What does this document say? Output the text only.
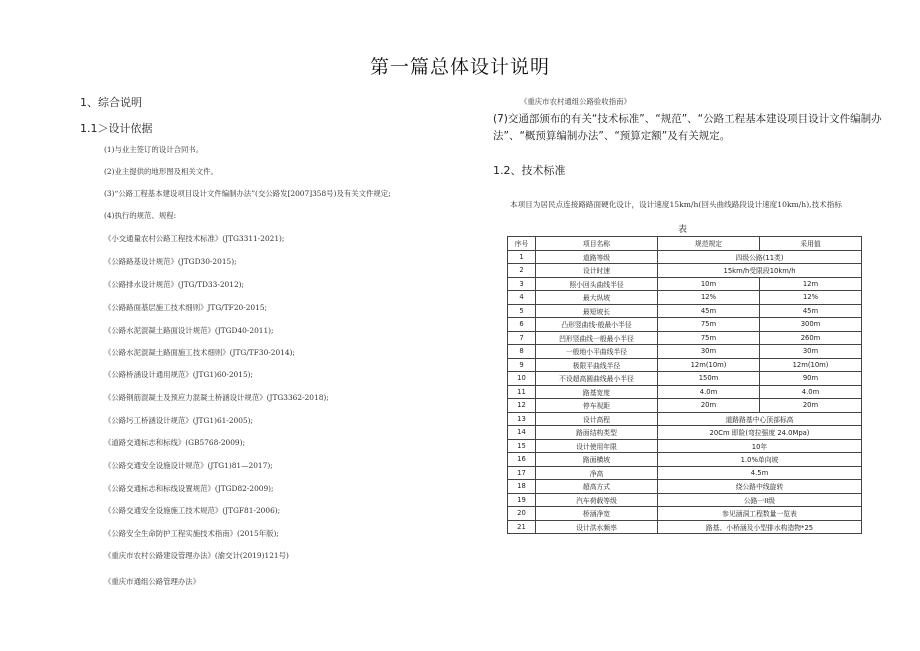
第一篇总体设计说明
1、综合说明
1.1＞设计依据
(1)与业主签订的设计合同书。
(2)业主提供的地形图及相关文件。
(3)“公路工程基本建设项目设计文件编制办法”(交公路发[2007]358号)及有关文件规定;
(4)执行的规范、规程:
《小交通量农村公路工程技术标准》(JTG3311-2021);
《公路路基设计规范》(JTGD30-2015);
《公路排水设计规范》(JTG/TD33-2012);
《公路路面基层施工技术细则》JTG/TF20-2015;
《公路水泥混凝土路面设计规范》(JTGD40-2011);
《公路水泥混凝土路面施工技术细则》(JTG/TF30-2014);
《公路桥涵设计通用规范》(JTG1)60-2015);
《公路钢筋混凝土及预应力混凝土桥涵设计规范》(JTG3362-2018);
《公路圬工桥涵设计规范》(JTG1)61-2005);
《道路交通标志和标线》(GB5768-2009);
《公路交通安全设施设计规范》(JTG1)81—2017);
《公路交通标志和标线设置规范》(JTGD82-2009);
《公路交通安全设施施工技术规范》(JTGF81-2006);
《公路安全生命防护工程实施技术指南》(2015年版);
《重庆市农村公路建设管理办法》(渝交计(2019)121号)
《重庆市通组公路管理办法》
《重庆市农村通组公路验收指南》
(7)交通部颁布的有关“技术标准”、“规范”、“公路工程基本建设项目设计文件编制办法”、“概预算编制办法”、“预算定额”及有关规定。
1.2、技术标准
本项目为居民点连接路路面硬化设计，设计速度15km/h(回头曲线路段设计速度10km/h),技术指标
表
序号	项目名称	规范规定	采用值
1	道路等级	四级公路(11类)	
2	设计时速	15km/h受限段10km/h	
3	照小回头曲线半径	10m	12m
4	最大纵坡	12%	12%
5	最短坡长	45m	45m
6	凸形竖曲线-般最小半径	75m	300m
7	凹形竖曲线一般最小半径	75m	260m
8	一般地小平曲线半径	30m	30m
9	极限平曲线半径	12m(10m)	12m(10m)
10	不设超高圆曲线最小半径	150m	90m
11	路基宽度	4.0m	4.0m
12	停车视距	20m	20m
13	设计高程	道路路基中心顶部标高	
14	路面结构类型	20Cm 即险(弯拉强度 24.0Mpa)	
15	设计使用年限	10年	
16	路面横坡	1.0%单向坡	
17	净高	4.5m	
18	超高方式	绕公路中线旋转	
19	汽车荷载等级	公路一II级	
20	桥涵净宽	参见涵洞工程数量一览表	
21	设计洪水频率	路基、小桥涵及小型排水构造物*25	
